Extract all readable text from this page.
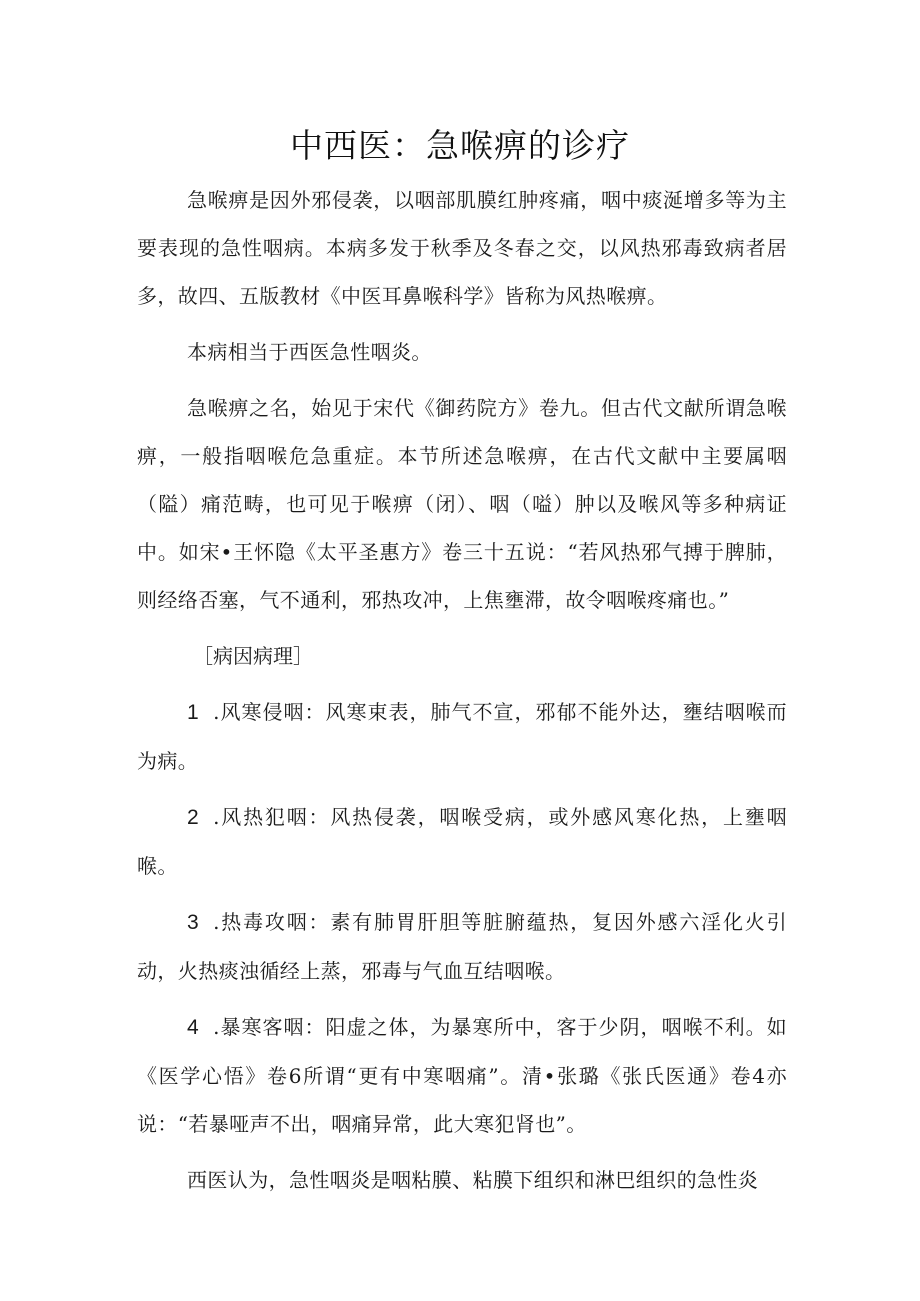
中西医：急喉痹的诊疗

急喉痹是因外邪侵袭，以咽部肌膜红肿疼痛，咽中痰涎增多等为主要表现的急性咽病。本病多发于秋季及冬春之交，以风热邪毒致病者居多，故四、五版教材《中医耳鼻喉科学》皆称为风热喉痹。

本病相当于西医急性咽炎。

急喉痹之名，始见于宋代《御药院方》卷九。但古代文献所谓急喉痹，一般指咽喉危急重症。本节所述急喉痹，在古代文献中主要属咽（隘）痛范畴，也可见于喉痹（闭）、咽（嗌）肿以及喉风等多种病证中。如宋•王怀隐《太平圣惠方》卷三十五说：“若风热邪气搏于脾肺，则经络否塞，气不通利，邪热攻冲，上焦壅滞，故令咽喉疼痛也。”

［病因病理］

1 .风寒侵咽：风寒束表，肺气不宣，邪郁不能外达，壅结咽喉而为病。

2 .风热犯咽：风热侵袭，咽喉受病，或外感风寒化热，上壅咽喉。

3 .热毒攻咽：素有肺胃肝胆等脏腑蕴热，复因外感六淫化火引动，火热痰浊循经上蒸，邪毒与气血互结咽喉。

4 .暴寒客咽：阳虚之体，为暴寒所中，客于少阴，咽喉不利。如《医学心悟》卷6所谓“更有中寒咽痛”。清•张璐《张氏医通》卷4亦说：“若暴哑声不出，咽痛异常，此大寒犯肾也”。

西医认为，急性咽炎是咽粘膜、粘膜下组织和淋巴组织的急性炎
